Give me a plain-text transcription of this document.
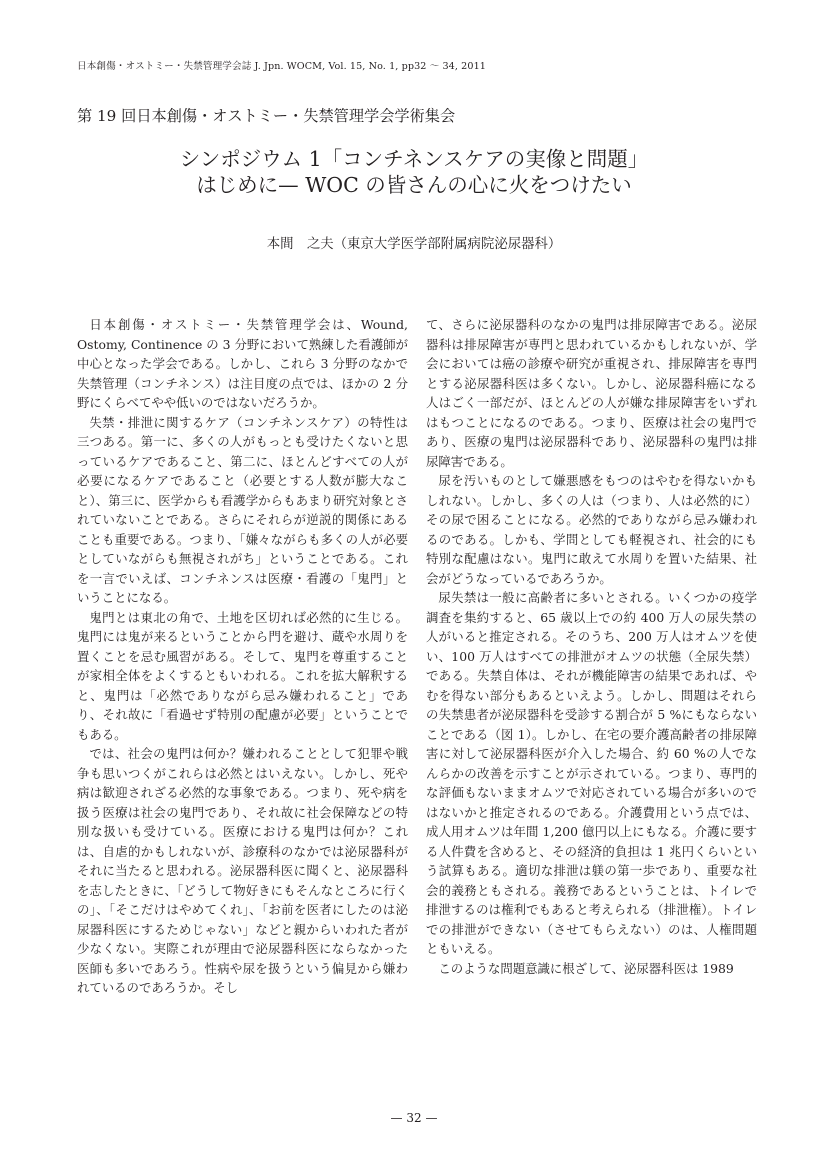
日本創傷・オストミー・失禁管理学会誌 J. Jpn. WOCM, Vol. 15, No. 1, pp32 〜 34, 2011
第 19 回日本創傷・オストミー・失禁管理学会学術集会
シンポジウム 1「コンチネンスケアの実像と問題」
はじめに— WOC の皆さんの心に火をつけたい
本間　之夫（東京大学医学部附属病院泌尿器科）

日本創傷・オストミー・失禁管理学会は、Wound, Ostomy, Continence の 3 分野において熟練した看護師が中心となった学会である。しかし、これら 3 分野のなかで失禁管理（コンチネンス）は注目度の点では、ほかの 2 分野にくらべてやや低いのではないだろうか。

失禁・排泄に関するケア（コンチネンスケア）の特性は三つある。第一に、多くの人がもっとも受けたくないと思っているケアであること、第二に、ほとんどすべての人が必要になるケアであること（必要とする人数が膨大なこと）、第三に、医学からも看護学からもあまり研究対象とされていないことである。さらにそれらが逆説的関係にあることも重要である。つまり、「嫌々ながらも多くの人が必要としていながらも無視されがち」ということである。これを一言でいえば、コンチネンスは医療・看護の「鬼門」ということになる。

鬼門とは東北の角で、土地を区切れば必然的に生じる。鬼門には鬼が来るということから門を避け、蔵や水周りを置くことを忌む風習がある。そして、鬼門を尊重することが家相全体をよくするともいわれる。これを拡大解釈すると、鬼門は「必然でありながら忌み嫌われること」であり、それ故に「看過せず特別の配慮が必要」ということでもある。

では、社会の鬼門は何か？嫌われることとして犯罪や戦争も思いつくがこれらは必然とはいえない。しかし、死や病は歓迎されざる必然的な事象である。つまり、死や病を扱う医療は社会の鬼門であり、それ故に社会保障などの特別な扱いも受けている。医療における鬼門は何か？これは、自虐的かもしれないが、診療科のなかでは泌尿器科がそれに当たると思われる。泌尿器科医に聞くと、泌尿器科を志したときに、「どうして物好きにもそんなところに行くの」、「そこだけはやめてくれ」、「お前を医者にしたのは泌尿器科医にするためじゃない」などと親からいわれた者が少なくない。実際これが理由で泌尿器科医にならなかった医師も多いであろう。性病や尿を扱うという偏見から嫌われているのであろうか。そし

て、さらに泌尿器科のなかの鬼門は排尿障害である。泌尿器科は排尿障害が専門と思われているかもしれないが、学会においては癌の診療や研究が重視され、排尿障害を専門とする泌尿器科医は多くない。しかし、泌尿器科癌になる人はごく一部だが、ほとんどの人が嫌な排尿障害をいずれはもつことになるのである。つまり、医療は社会の鬼門であり、医療の鬼門は泌尿器科であり、泌尿器科の鬼門は排尿障害である。

尿を汚いものとして嫌悪感をもつのはやむを得ないかもしれない。しかし、多くの人は（つまり、人は必然的に）その尿で困ることになる。必然的でありながら忌み嫌われるのである。しかも、学問としても軽視され、社会的にも特別な配慮はない。鬼門に敢えて水周りを置いた結果、社会がどうなっているであろうか。

尿失禁は一般に高齢者に多いとされる。いくつかの疫学調査を集約すると、65 歳以上での約 400 万人の尿失禁の人がいると推定される。そのうち、200 万人はオムツを使い、100 万人はすべての排泄がオムツの状態（全尿失禁）である。失禁自体は、それが機能障害の結果であれば、やむを得ない部分もあるといえよう。しかし、問題はそれらの失禁患者が泌尿器科を受診する割合が 5 %にもならないことである（図 1）。しかし、在宅の要介護高齢者の排尿障害に対して泌尿器科医が介入した場合、約 60 %の人でなんらかの改善を示すことが示されている。つまり、専門的な評価もないままオムツで対応されている場合が多いのではないかと推定されるのである。介護費用という点では、成人用オムツは年間 1,200 億円以上にもなる。介護に要する人件費を含めると、その経済的負担は 1 兆円くらいという試算もある。適切な排泄は躾の第一歩であり、重要な社会的義務ともされる。義務であるということは、トイレで排泄するのは権利でもあると考えられる（排泄権）。トイレでの排泄ができない（させてもらえない）のは、人権問題ともいえる。

このような問題意識に根ざして、泌尿器科医は 1989

— 32 —
